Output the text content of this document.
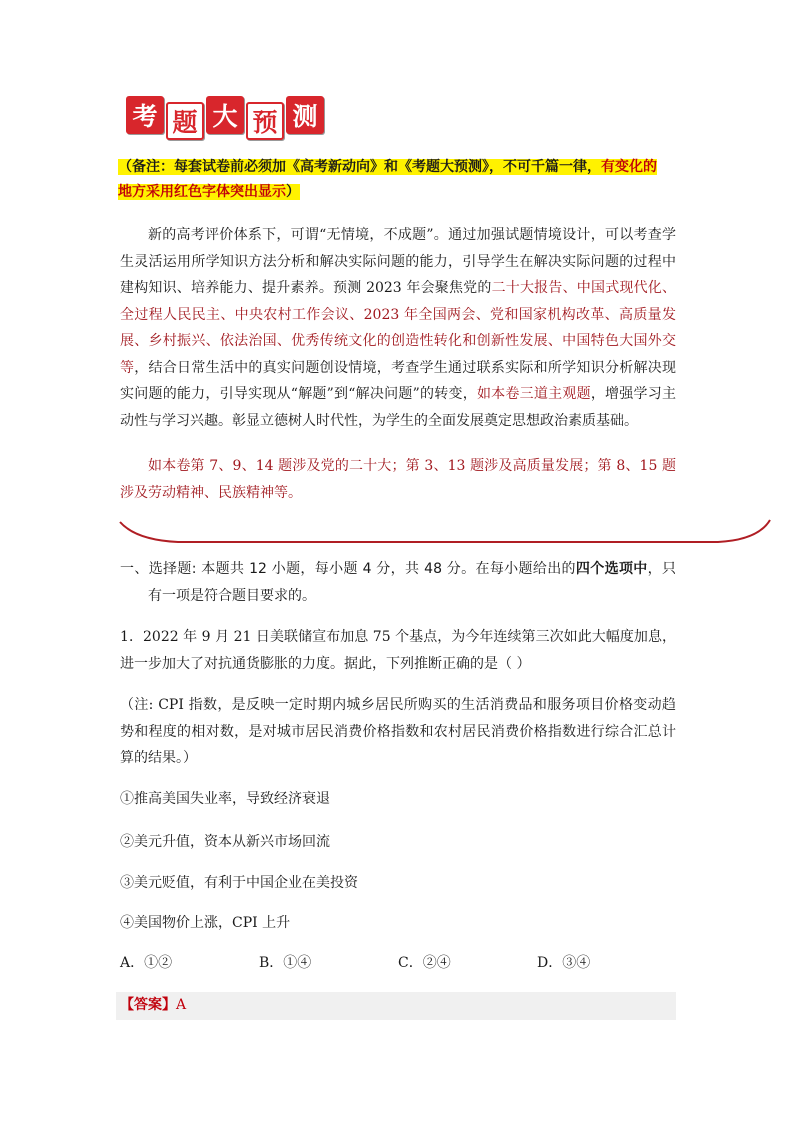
考 题 大 预 测
（备注：每套试卷前必须加《高考新动向》和《考题大预测》，不可千篇一律，有变化的
地方采用红色字体突出显示）
新的高考评价体系下，可谓“无情境，不成题”。通过加强试题情境设计，可以考查学生灵活运用所学知识方法分析和解决实际问题的能力，引导学生在解决实际问题的过程中建构知识、培养能力、提升素养。预测 2023 年会聚焦党的二十大报告、中国式现代化、全过程人民民主、中央农村工作会议、2023 年全国两会、党和国家机构改革、高质量发展、乡村振兴、依法治国、优秀传统文化的创造性转化和创新性发展、中国特色大国外交等，结合日常生活中的真实问题创设情境，考查学生通过联系实际和所学知识分析解决现实问题的能力，引导实现从“解题”到“解决问题”的转变，如本卷三道主观题，增强学习主动性与学习兴趣。彰显立德树人时代性，为学生的全面发展奠定思想政治素质基础。
如本卷第 7、9、14 题涉及党的二十大；第 3、13 题涉及高质量发展；第 8、15 题涉及劳动精神、民族精神等。
一、选择题: 本题共 12 小题，每小题 4 分，共 48 分。在每小题给出的四个选项中，只有一项是符合题目要求的。
1．2022 年 9 月 21 日美联储宣布加息 75 个基点，为今年连续第三次如此大幅度加息，进一步加大了对抗通货膨胀的力度。据此，下列推断正确的是（ ）
（注: CPI 指数，是反映一定时期内城乡居民所购买的生活消费品和服务项目价格变动趋势和程度的相对数，是对城市居民消费价格指数和农村居民消费价格指数进行综合汇总计算的结果。）
①推高美国失业率，导致经济衰退
②美元升值，资本从新兴市场回流
③美元贬值，有利于中国企业在美投资
④美国物价上涨，CPI 上升
A．①②	B．①④	C．②④	D．③④
【答案】A
